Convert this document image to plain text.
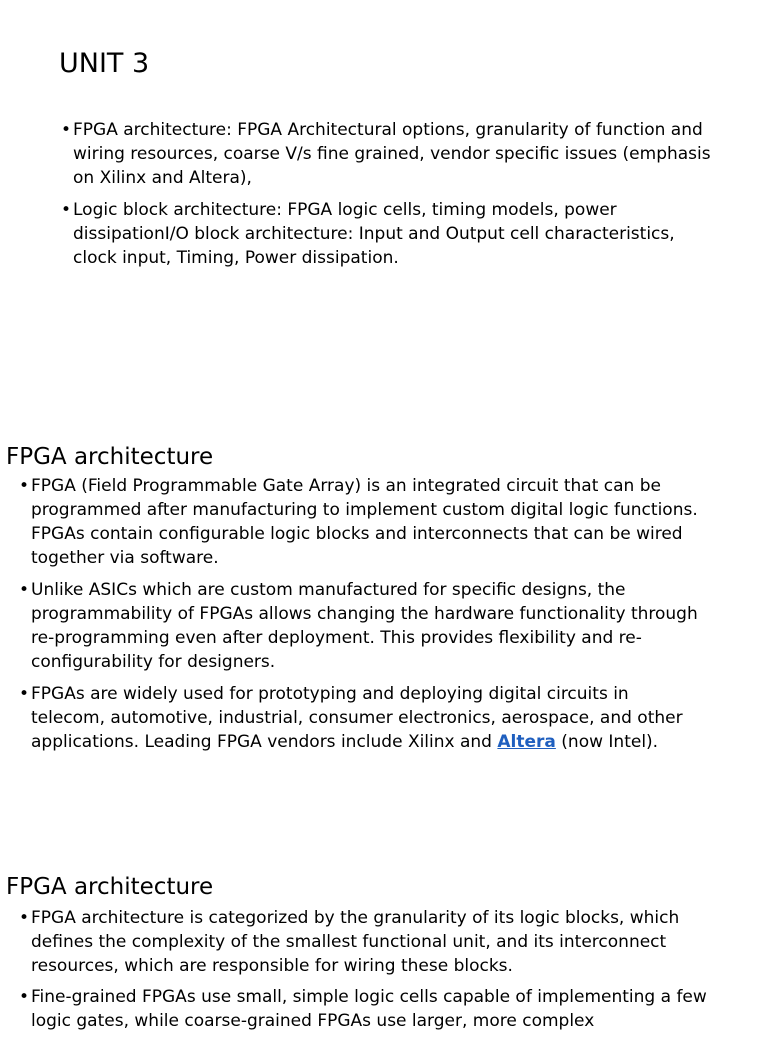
UNIT 3
• FPGA architecture: FPGA Architectural options, granularity of function and wiring resources, coarse V/s fine grained, vendor specific issues (emphasis on Xilinx and Altera),
• Logic block architecture: FPGA logic cells, timing models, power dissipationI/O block architecture: Input and Output cell characteristics, clock input, Timing, Power dissipation.
FPGA architecture
• FPGA (Field Programmable Gate Array) is an integrated circuit that can be programmed after manufacturing to implement custom digital logic functions. FPGAs contain configurable logic blocks and interconnects that can be wired together via software.
• Unlike ASICs which are custom manufactured for specific designs, the programmability of FPGAs allows changing the hardware functionality through re-programming even after deployment. This provides flexibility and re-configurability for designers.
• FPGAs are widely used for prototyping and deploying digital circuits in telecom, automotive, industrial, consumer electronics, aerospace, and other applications. Leading FPGA vendors include Xilinx and Altera (now Intel).
FPGA architecture
• FPGA architecture is categorized by the granularity of its logic blocks, which defines the complexity of the smallest functional unit, and its interconnect resources, which are responsible for wiring these blocks.
• Fine-grained FPGAs use small, simple logic cells capable of implementing a few logic gates, while coarse-grained FPGAs use larger, more complex
